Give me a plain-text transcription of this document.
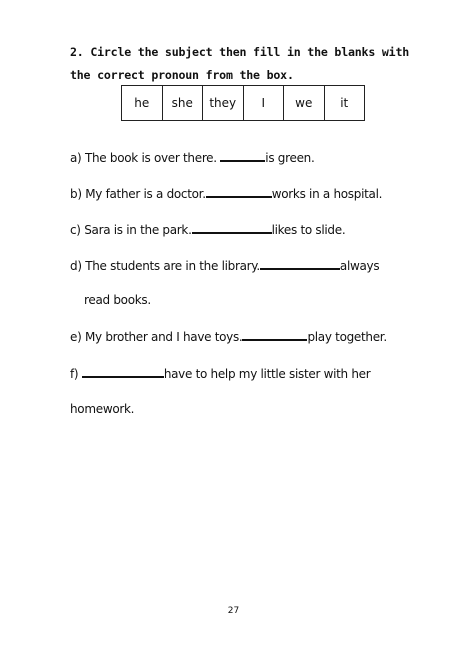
2. Circle the subject then fill in the blanks with
the correct pronoun from the box.
he	she	they	I	we	it
a) The book is over there.	is green.
b) My father is a doctor.	works in a hospital.
c) Sara is in the park.	likes to slide.
d) The students are in the library.	always
read books.
e) My brother and I have toys.	play together.
f)	have to help my little sister with her
homework.
27
